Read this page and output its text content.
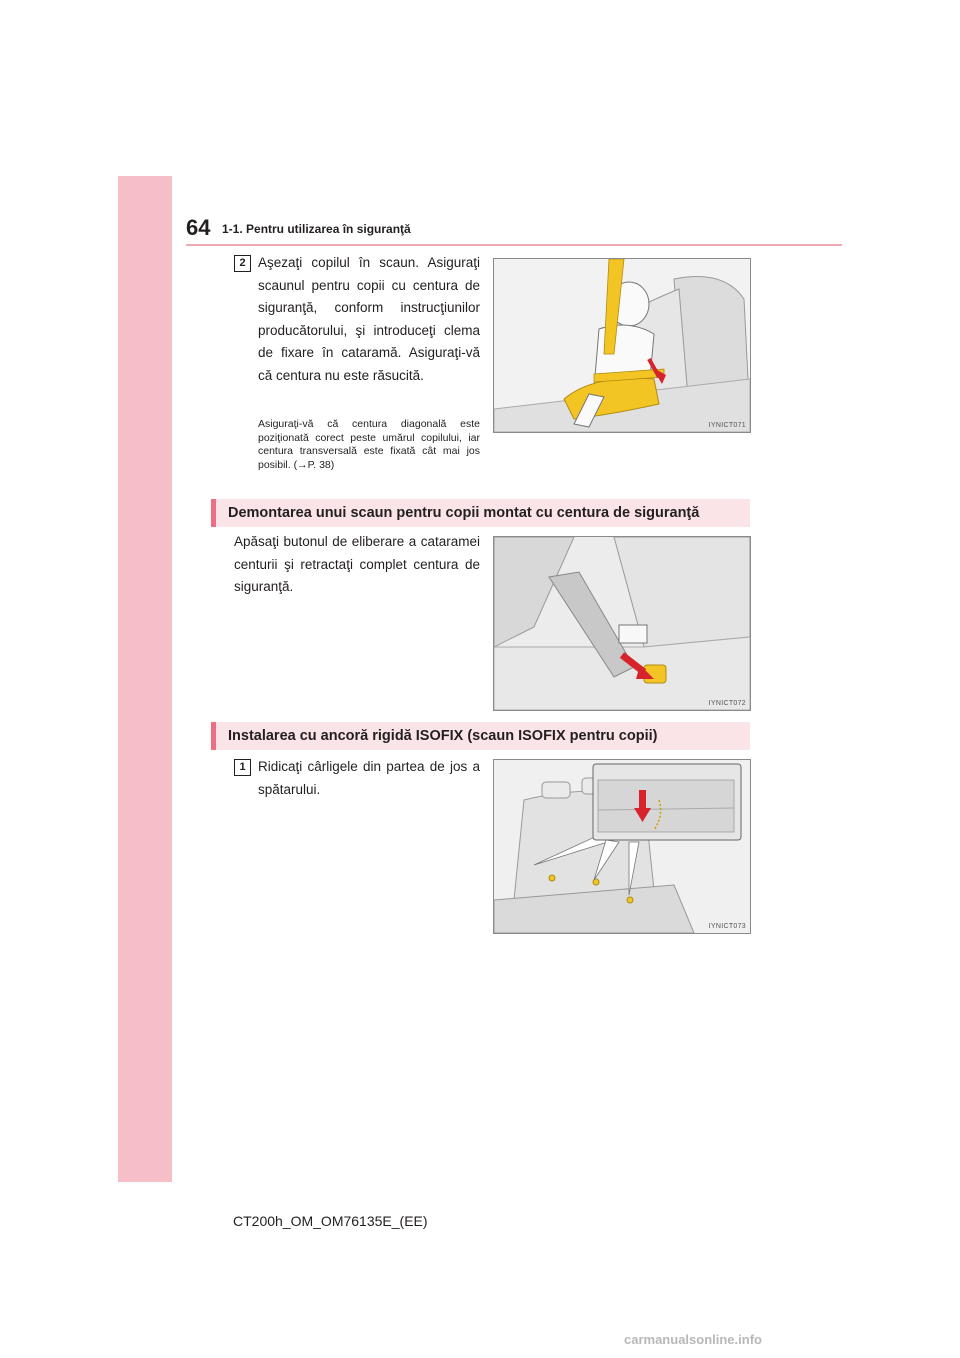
64 1-1. Pentru utilizarea în siguranţă
2 Aşezaţi copilul în scaun. Asiguraţi scaunul pentru copii cu centura de siguranţă, conform instrucţiunilor producătorului, şi introduceţi clema de fixare în cataramă. Asiguraţi-vă că centura nu este răsucită.
Asiguraţi-vă că centura diagonală este poziţionată corect peste umărul copilului, iar centura transversală este fixată cât mai jos posibil. (→P. 38)
IYNICT071
Demontarea unui scaun pentru copii montat cu centura de siguranţă
Apăsaţi butonul de eliberare a cataramei centurii şi retractaţi complet centura de siguranţă.
IYNICT072
Instalarea cu ancoră rigidă ISOFIX (scaun ISOFIX pentru copii)
1 Ridicaţi cârligele din partea de jos a spătarului.
IYNICT073
CT200h_OM_OM76135E_(EE)
carmanualsonline.info
